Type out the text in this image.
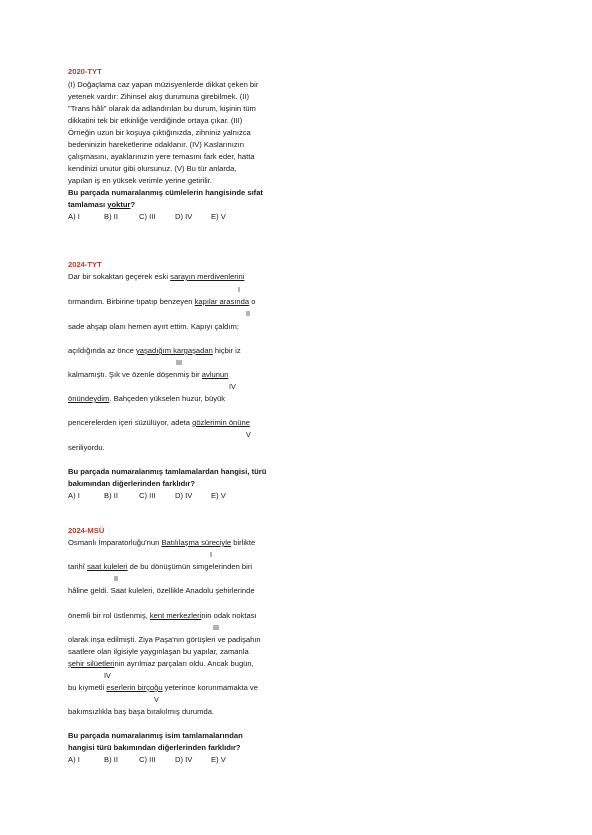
2020-TYT
(I) Doğaçlama caz yapan müzisyenlerde dikkat çeken bir
yetenek vardır: Zihinsel akış durumuna girebilmek. (II)
"Trans hâli" olarak da adlandırılan bu durum, kişinin tüm
dikkatini tek bir etkinliğe verdiğinde ortaya çıkar. (III)
Örneğin uzun bir koşuya çıktığınızda, zihniniz yalnızca
bedeninizin hareketlerine odaklanır. (IV) Kaslarınızın
çalışmasını, ayaklarınızın yere temasını fark eder, hatta
kendinizi unutur gibi olursunuz. (V) Bu tür anlarda,
yapılan iş en yüksek verimle yerine getirilir.
Bu parçada numaralanmış cümlelerin hangisinde sıfat
tamlaması yoktur?
A) I	B) II	C) III	D) IV E) V
2024-TYT
Dar bir sokaktan geçerek eski sarayın merdivenlerini
I
tırmandım. Birbirine tıpatıp benzeyen kapılar arasında o
II
sade ahşap olanı hemen ayırt ettim. Kapıyı çaldım;
açıldığında az önce yaşadığım kargaşadan hiçbir iz
III
kalmamıştı. Şık ve özenle döşenmiş bir avlunun
IV
önündeydim. Bahçeden yükselen huzur, büyük
pencerelerden içeri süzülüyor, adeta gözlerimin önüne
V
seriliyordu.
Bu parçada numaralanmış tamlamalardan hangisi, türü
bakımından diğerlerinden farklıdır?
A) I	B) II	C) III	D) IV E) V
2024-MSÜ
Osmanlı İmparatorluğu'nun Batılılaşma süreciyle birlikte
I
tarihî saat kuleleri de bu dönüşümün simgelerinden biri
II
hâline geldi. Saat kuleleri, özellikle Anadolu şehirlerinde
önemli bir rol üstlenmiş, kent merkezlerinin odak noktası
III
olarak inşa edilmişti. Ziya Paşa'nın görüşleri ve padişahın
saatlere olan ilgisiyle yaygınlaşan bu yapılar, zamanla
şehir silüetlerinin ayrılmaz parçaları oldu. Ancak bugün,
IV
bu kıymetli eserlerin birçoğu yeterince korunmamakta ve
V
bakımsızlıkla baş başa bırakılmış durumda.
Bu parçada numaralanmış isim tamlamalarından
hangisi türü bakımından diğerlerinden farklıdır?
A) I	B) II	C) III	D) IV E) V
